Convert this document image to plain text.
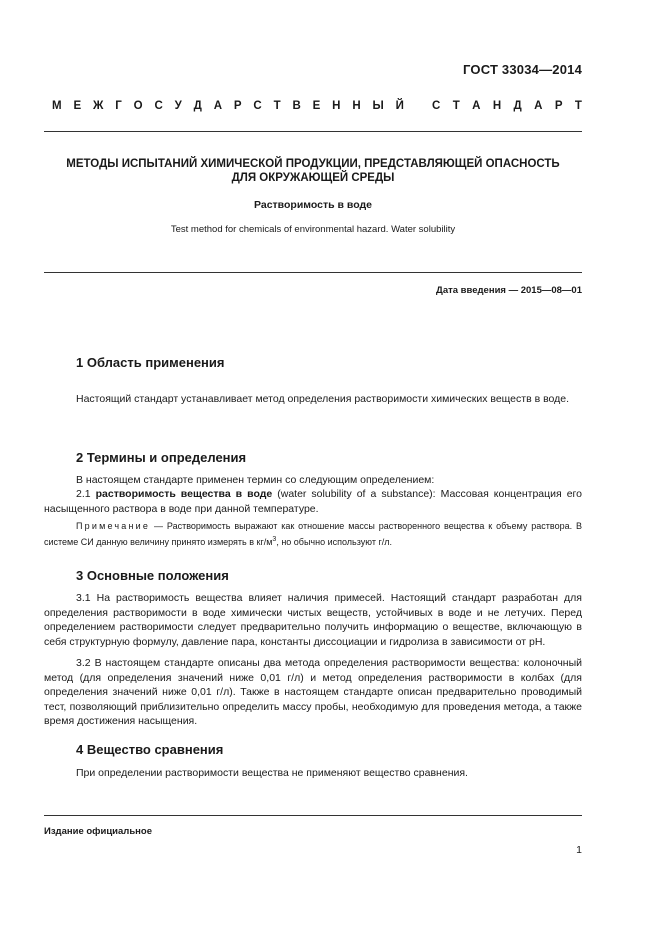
ГОСТ 33034—2014
М Е Ж Г О С У Д А Р С Т В Е Н Н Ы Й С Т А Н Д А Р Т
МЕТОДЫ ИСПЫТАНИЙ ХИМИЧЕСКОЙ ПРОДУКЦИИ, ПРЕДСТАВЛЯЮЩЕЙ ОПАСНОСТЬ
ДЛЯ ОКРУЖАЮЩЕЙ СРЕДЫ
Растворимость в воде
Test method for chemicals of environmental hazard. Water solubility
Дата введения — 2015—08—01
1 Область применения

Настоящий стандарт устанавливает метод определения растворимости химических веществ в воде.

2 Термины и определения

В настоящем стандарте применен термин со следующим определением:

2.1 растворимость вещества в воде (water solubility of a substance): Массовая концентрация его насыщенного раствора в воде при данной температуре.

Примечание — Растворимость выражают как отношение массы растворенного вещества к объему раствора. В системе СИ данную величину принято измерять в $кг/м^3$, но обычно используют г/л.

3 Основные положения

3.1 На растворимость вещества влияет наличия примесей. Настоящий стандарт разработан для определения растворимости в воде химически чистых веществ, устойчивых в воде и не летучих. Перед определением растворимости следует предварительно получить информацию о веществе, включающую в себя структурную формулу, давление пара, константы диссоциации и гидролиза в зависимости от pH.

3.2 В настоящем стандарте описаны два метода определения растворимости вещества: колоночный метод (для определения значений ниже 0,01 г/л) и метод определения растворимости в колбах (для определения значений ниже 0,01 г/л). Также в настоящем стандарте описан предварительно проводимый тест, позволяющий приблизительно определить массу пробы, необходимую для проведения метода, а также время достижения насыщения.

4 Вещество сравнения

При определении растворимости вещества не применяют вещество сравнения.

Издание официальное
1
